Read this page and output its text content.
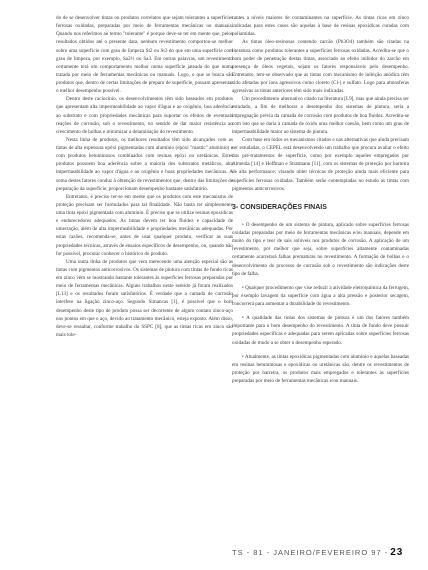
do de se desenvolver tintas ou produtos correlatos que sejam tolerantes a superfícies ferrosas oxidadas, preparadas por meio de ferramentas mecânicas ou manuais. Quando nos referimos ao termo "tolerante" é porque deve-se ter em mente que, pelos resultados obtidos até o presente data, nenhum revestimento comportou-se melhor sobre uma superfície com grau de limpeza St2 ou St3 do que em uma superfície com grau de limpeza, por exemplo, Sa2½ ou Sa3. Em outras palavras, um revestimento certamente terá um comportamento melhor numa superfície jateada do que numa tratada por meio de ferramentas mecânicas ou manuais. Logo, o que se busca são produtos que, dentro de certas limitações de preparo de superfície, possam apresentar o melhor desempenho possível.

Dentro deste raciocínio, os desenvolvimentos têm sido baseados em produtos que apresentam alta impermeabilidade ao vapor d'água e ao oxigênio, boa aderência ao substrato e com propriedades mecânicas para suportar os efeitos de eventuais reações de corrosão, sob o revestimento, no sentido de dar maior resistência ao crescimento de bolhas e minimizar a delaminação do revestimento.

Nesta linha de produtos, os melhores resultados têm sido alcançados com as tintas de alta espessura epóxi pigmentadas com alumínio (epóxi "mastic" alumínio) e com produtos betuminosos combinados com resinas epóxi ou uretânicas. Estes produtos possuem boa aderência sobre a maioria dos substratos metálicos, alta impermeabilidade ao vapor d'água e ao oxigênio e boas propriedades mecânicas. A soma destes fatores conduz à obtenção de revestimentos que, dentro das limitações de preparação da superfície, proporcionam desempenho bastante satisfatório.

Entretanto, é preciso ter-se em mente que os produtos com este mecanismo de proteção precisam ser formulados para tal finalidade. Não basta ter simplesmente uma tinta epóxi pigmentada com alumínio. É preciso que se utilize resinas epoxídicas e endurecedores adequados. As tintas devem ter boa fluidez e capacidade de umectação, além de alta impermeabilidade e propriedades mecânicas adequadas. Por estas razões, recomenda-se, antes de usar qualquer produto, verificar as suas propriedades técnicas, através de ensaios específicos de desempenho, ou, quando não for possível, procurar conhecer o histórico do produto.

Uma outra linha de produtos que vem merecendo uma atenção especial são as tintas com pigmentos anticorrosivos. Os sistemas de pintura com tintas de fundo ricas em zinco vêm se mostrando bastante tolerantes às superfícies ferrosas preparadas por meio de ferramentas mecânicas. Alguns trabalhos neste sentido já foram realizados [L13] e os resultados foram satisfatórios. É verdade que a camada de corrosão interfere na ligação zinco-aço. Segundo Simancas [1], é possível que o bom desempenho deste tipo de produto possa ser decorrente de algum contato zinco-aço nos pontos em que o aço, devido ao tratamento mecânico, esteja exposto. Além disso, deve-se ressaltar, conforme trabalho do SSPC [8], que as tintas ricas em zinco são mais tole-

rantes a níveis maiores de contaminantes na superfície. As tintas ricas em zinco indicadas para estes casos são aquelas à base de resinas epoxídicas curadas com poliamidas.

As tintas óleo-resinosas contendo zarcão (Pb3O4) também são citadas na literatura como produtos tolerantes a superfícies ferrosas oxidadas. Acredita-se que o bom poder de penetração destas tintas, associado ao efeito inibidor do zarcão em presença de óleos vegetais, sejam os fatores responsáveis pelo desempenho. Entretanto, tem-se observado que as tintas com mecanismo de inibição anódica têm sido afetadas por íons agressivos como cloreto (Cl-) e sulfato. Logo para atmosferas agressivas as tintas anteriores têm sido mais indicadas.

Um procedimento alternativo citado na literatura [L9], mas que ainda precisa ser estudado, a fim de melhorar o desempenho dos sistemas de pintura, seria a impregnação prévia da camada de corrosão com produtos de boa fluidez. Acredita-se com isto que se daria à camada de óxido uma melhor coesão, bem como um grau de impermeabilidade maior ao sistema de pintura.

Com base em todos os mecanismos citados e nas alternativas que ainda precisam ser estudadas, o CEPEL está desenvolvendo um trabalho que procura avaliar o efeito dos pré-tratamentos de superfície, como por exemplo aqueles empregados por Almeida [14] e Hoffman e Stratmann [11], com os sistemas de proteção por barreira de alta performance; visando obter técnicas de proteção ainda mais eficiente para superfícies ferrosas oxidadas. Também serão contempladas no estudo as tintas com pigmentos anticorrosivos.

3- CONSIDERAÇÕES FINAIS

• O desempenho de um sistema de pintura, aplicado sobre superfícies ferrosas oxidadas preparadas por meio de ferramentas mecânicas e/ou manuais, depende em muito do tipo e teor de sais solúveis nos produtos de corrosão. A aplicação de um revestimento, por melhor que seja, sobre superfícies altamente contaminadas certamente acarretará falhas prematuras no revestimento. A formação de bolhas e o desenvolvimento do processo de corrosão sob o revestimento são indicações deste tipo de falha.

• Qualquer procedimento que vise reduzir a atividade eletroquímica da ferrugem, por exemplo lavagem da superfície com água a alta pressão e posterior secagem, concorrerá para aumentar a durabilidade do revestimento.

• A qualidade das tintas dos sistemas de pintura é um dos fatores também importante para o bom desempenho do revestimento. A tinta de fundo deve possuir propriedades específicas e adequadas para serem aplicadas sobre superfícies ferrosas oxidadas de modo a se obter o desempenho esperado.

• Atualmente, as tintas epoxídicas pigmentadas com alumínio e aquelas baseadas em resinas betuminosas e epoxídicas ou uretânicas são, dentre os revestimentos de proteção por barreira, os produtos mais empregados e tolerantes às superfícies preparadas por meio de ferramentas mecânicas e/ou manuais.

TS - 81 - JANEIRO/FEVEREIRO 97 - 23
